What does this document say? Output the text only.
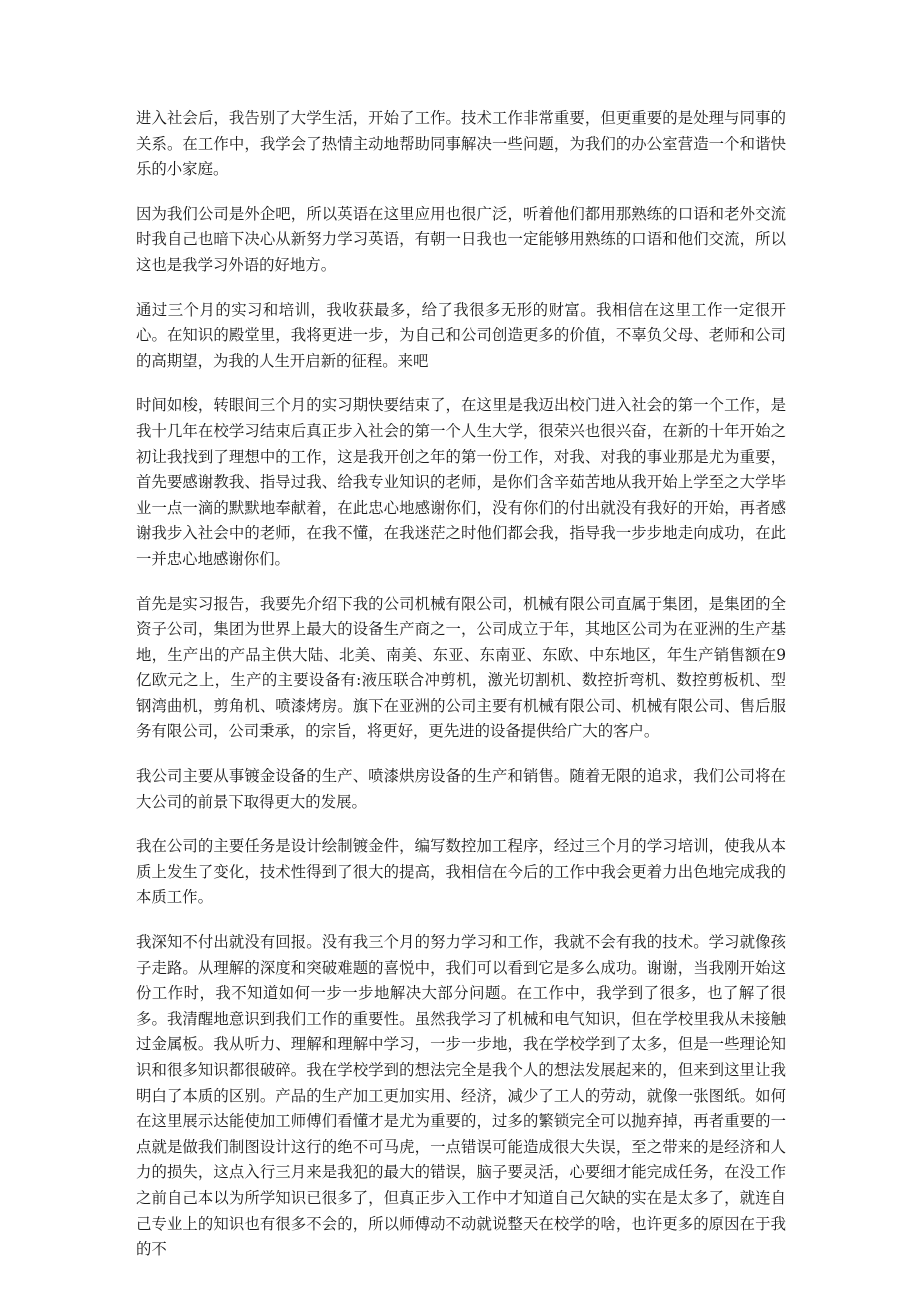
进入社会后，我告别了大学生活，开始了工作。技术工作非常重要，但更重要的是处理与同事的关系。在工作中，我学会了热情主动地帮助同事解决一些问题，为我们的办公室营造一个和谐快乐的小家庭。

因为我们公司是外企吧，所以英语在这里应用也很广泛，听着他们都用那熟练的口语和老外交流时我自己也暗下决心从新努力学习英语，有朝一日我也一定能够用熟练的口语和他们交流，所以这也是我学习外语的好地方。

通过三个月的实习和培训，我收获最多，给了我很多无形的财富。我相信在这里工作一定很开心。在知识的殿堂里，我将更进一步，为自己和公司创造更多的价值，不辜负父母、老师和公司的高期望，为我的人生开启新的征程。来吧

时间如梭，转眼间三个月的实习期快要结束了，在这里是我迈出校门进入社会的第一个工作，是我十几年在校学习结束后真正步入社会的第一个人生大学，很荣兴也很兴奋，在新的十年开始之初让我找到了理想中的工作，这是我开创之年的第一份工作，对我、对我的事业那是尤为重要，首先要感谢教我、指导过我、给我专业知识的老师，是你们含辛茹苦地从我开始上学至之大学毕业一点一滴的默默地奉献着，在此忠心地感谢你们，没有你们的付出就没有我好的开始，再者感谢我步入社会中的老师，在我不懂，在我迷茫之时他们都会我，指导我一步步地走向成功，在此一并忠心地感谢你们。

首先是实习报告，我要先介绍下我的公司机械有限公司，机械有限公司直属于集团，是集团的全资子公司，集团为世界上最大的设备生产商之一，公司成立于年，其地区公司为在亚洲的生产基地，生产出的产品主供大陆、北美、南美、东亚、东南亚、东欧、中东地区，年生产销售额在9亿欧元之上，生产的主要设备有:液压联合冲剪机，激光切割机、数控折弯机、数控剪板机、型钢湾曲机，剪角机、喷漆烤房。旗下在亚洲的公司主要有机械有限公司、机械有限公司、售后服务有限公司，公司秉承，的宗旨，将更好，更先进的设备提供给广大的客户。

我公司主要从事镀金设备的生产、喷漆烘房设备的生产和销售。随着无限的追求，我们公司将在大公司的前景下取得更大的发展。

我在公司的主要任务是设计绘制镀金件，编写数控加工程序，经过三个月的学习培训，使我从本质上发生了变化，技术性得到了很大的提高，我相信在今后的工作中我会更着力出色地完成我的本质工作。

我深知不付出就没有回报。没有我三个月的努力学习和工作，我就不会有我的技术。学习就像孩子走路。从理解的深度和突破难题的喜悦中，我们可以看到它是多么成功。谢谢，当我刚开始这份工作时，我不知道如何一步一步地解决大部分问题。在工作中，我学到了很多，也了解了很多。我清醒地意识到我们工作的重要性。虽然我学习了机械和电气知识，但在学校里我从未接触过金属板。我从听力、理解和理解中学习，一步一步地，我在学校学到了太多，但是一些理论知识和很多知识都很破碎。我在学校学到的想法完全是我个人的想法发展起来的，但来到这里让我明白了本质的区别。产品的生产加工更加实用、经济，减少了工人的劳动，就像一张图纸。如何在这里展示达能使加工师傅们看懂才是尤为重要的，过多的繁锁完全可以抛弃掉，再者重要的一点就是做我们制图设计这行的绝不可马虎，一点错误可能造成很大失误，至之带来的是经济和人力的损失，这点入行三月来是我犯的最大的错误，脑子要灵活，心要细才能完成任务，在没工作之前自己本以为所学知识已很多了，但真正步入工作中才知道自己欠缺的实在是太多了，就连自己专业上的知识也有很多不会的，所以师傅动不动就说整天在校学的啥，也许更多的原因在于我的不
